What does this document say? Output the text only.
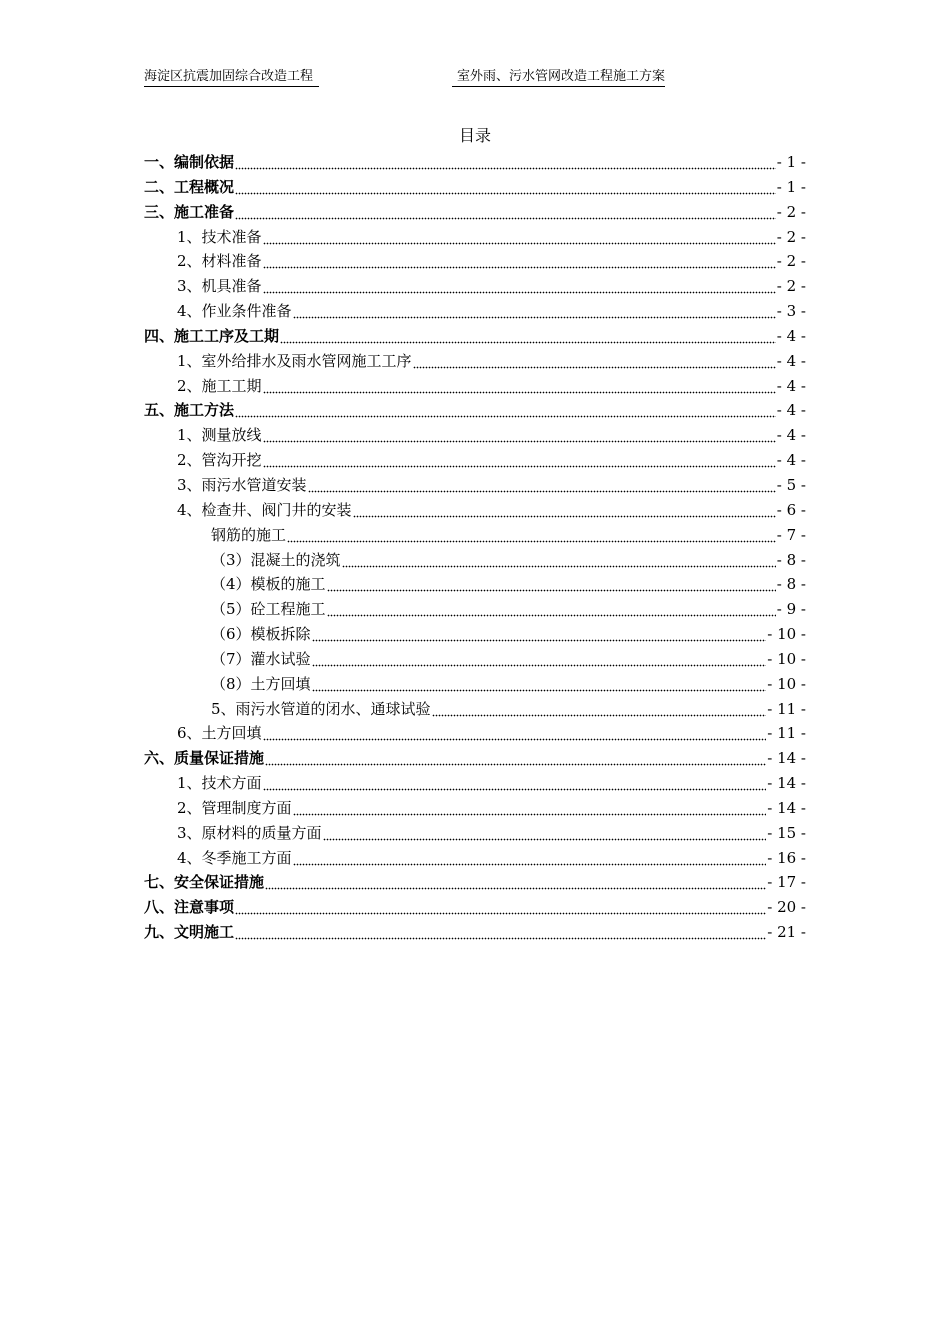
海淀区抗震加固综合改造工程	室外雨、污水管网改造工程施工方案
目录
一、编制依据	- 1 -
二、工程概况	- 1 -
三、施工准备	- 2 -
1、技术准备	- 2 -
2、材料准备	- 2 -
3、机具准备	- 2 -
4、作业条件准备	- 3 -
四、施工工序及工期	- 4 -
1、室外给排水及雨水管网施工工序	- 4 -
2、施工工期	- 4 -
五、施工方法	- 4 -
1、测量放线	- 4 -
2、管沟开挖	- 4 -
3、雨污水管道安装	- 5 -
4、检查井、阀门井的安装	- 6 -
钢筋的施工	- 7 -
（3）混凝土的浇筑	- 8 -
（4）模板的施工	- 8 -
（5）砼工程施工	- 9 -
（6）模板拆除	- 10 -
（7）灌水试验	- 10 -
（8）土方回填	- 10 -
5、雨污水管道的闭水、通球试验	- 11 -
6、土方回填	- 11 -
六、质量保证措施	- 14 -
1、技术方面	- 14 -
2、管理制度方面	- 14 -
3、原材料的质量方面	- 15 -
4、冬季施工方面	- 16 -
七、安全保证措施	- 17 -
八、注意事项	- 20 -
九、文明施工	- 21 -
